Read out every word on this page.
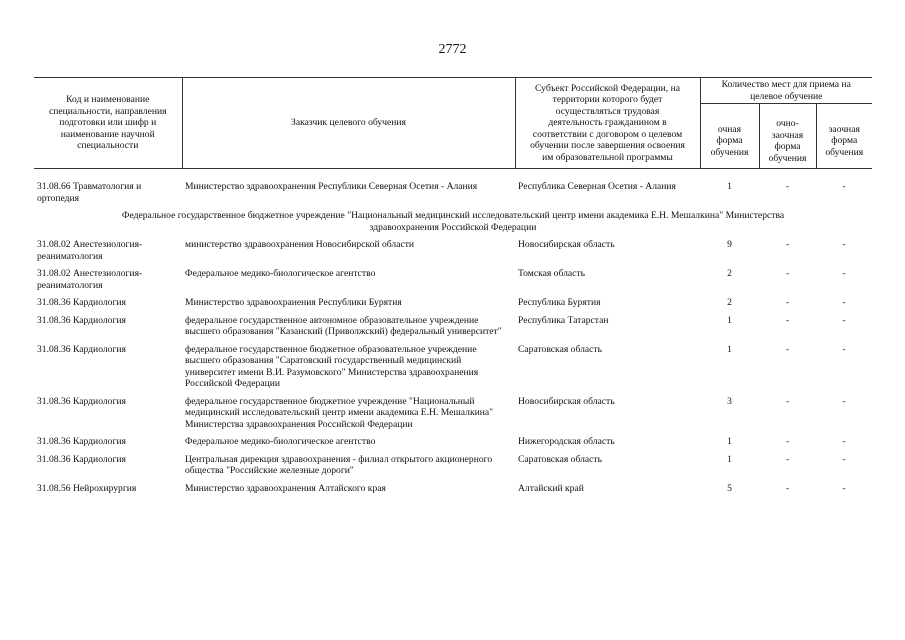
2772
Код и наименование специальности, направления подготовки или шифр и наименование научной специальности	Заказчик целевого обучения	Субъект Российской Федерации, на территории которого будет осуществляться трудовая деятельность гражданином в соответствии с договором о целевом обучении после завершения освоения им образовательной программы	Количество мест для приема на целевое обучение		
			очная форма обучения	очно-заочная форма обучения	заочная форма обучения
31.08.66 Травматология и ортопедия	Министерство здравоохранения Республики Северная Осетия - Алания	Республика Северная Осетия - Алания	1	-	-
Федеральное государственное бюджетное учреждение "Национальный медицинский исследовательский центр имени академика Е.Н. Мешалкина" Министерства здравоохранения Российской Федерации					
31.08.02 Анестезиология-реаниматология	министерство здравоохранения Новосибирской области	Новосибирская область	9	-	-
31.08.02 Анестезиология-реаниматология	Федеральное медико-биологическое агентство	Томская область	2	-	-
31.08.36 Кардиология	Министерство здравоохранения Республики Бурятия	Республика Бурятия	2	-	-
31.08.36 Кардиология	федеральное государственное автономное образовательное учреждение высшего образования "Казанский (Приволжский) федеральный университет"	Республика Татарстан	1	-	-
31.08.36 Кардиология	федеральное государственное бюджетное образовательное учреждение высшего образования "Саратовский государственный медицинский университет имени В.И. Разумовского" Министерства здравоохранения Российской Федерации	Саратовская область	1	-	-
31.08.36 Кардиология	федеральное государственное бюджетное учреждение "Национальный медицинский исследовательский центр имени академика Е.Н. Мешалкина" Министерства здравоохранения Российской Федерации	Новосибирская область	3	-	-
31.08.36 Кардиология	Федеральное медико-биологическое агентство	Нижегородская область	1	-	-
31.08.36 Кардиология	Центральная дирекция здравоохранения - филиал открытого акционерного общества "Российские железные дороги"	Саратовская область	1	-	-
31.08.56 Нейрохирургия	Министерство здравоохранения Алтайского края	Алтайский край	5	-	-
